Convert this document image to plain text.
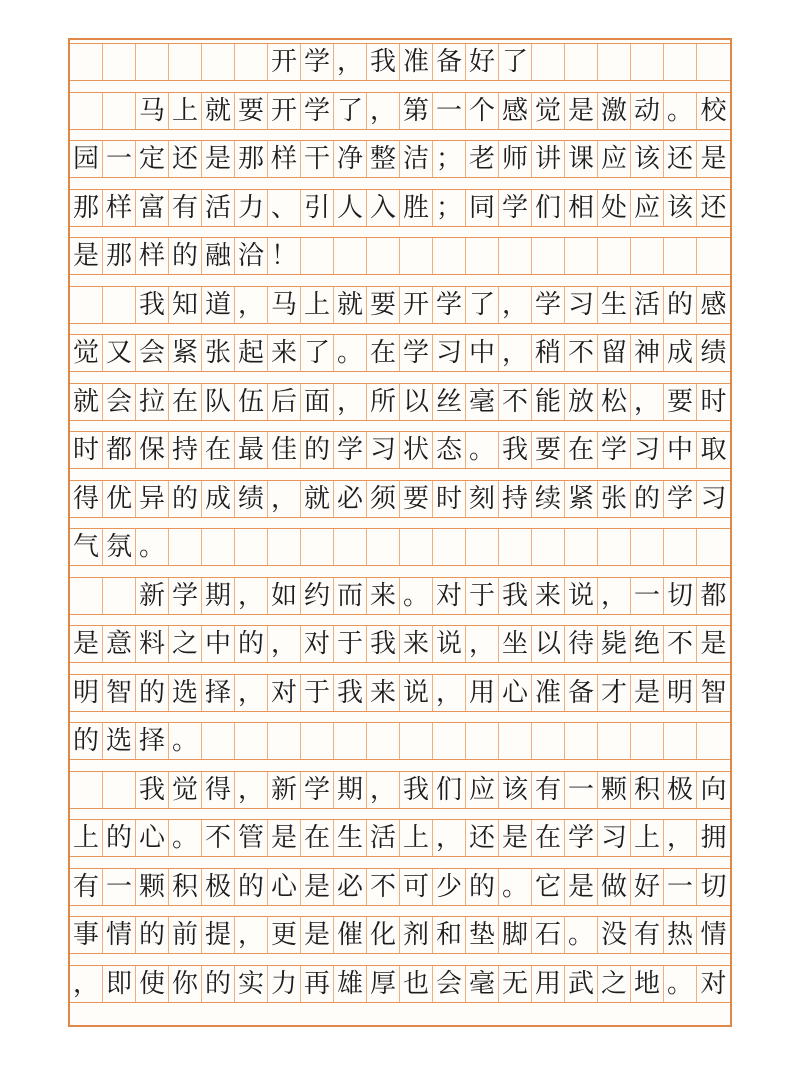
开 学 ， 我 准 备 好 了
马 上 就 要 开 学 了 ， 第 一 个 感 觉 是 激 动 。 校
园 一 定 还 是 那 样 干 净 整 洁 ； 老 师 讲 课 应 该 还 是
那 样 富 有 活 力 、 引 人 入 胜 ； 同 学 们 相 处 应 该 还
是 那 样 的 融 洽 ！
我 知 道 ， 马 上 就 要 开 学 了 ， 学 习 生 活 的 感
觉 又 会 紧 张 起 来 了 。 在 学 习 中 ， 稍 不 留 神 成 绩
就 会 拉 在 队 伍 后 面 ， 所 以 丝 毫 不 能 放 松 ， 要 时
时 都 保 持 在 最 佳 的 学 习 状 态 。 我 要 在 学 习 中 取
得 优 异 的 成 绩 ， 就 必 须 要 时 刻 持 续 紧 张 的 学 习
气 氛 。
新 学 期 ， 如 约 而 来 。 对 于 我 来 说 ， 一 切 都
是 意 料 之 中 的 ， 对 于 我 来 说 ， 坐 以 待 毙 绝 不 是
明 智 的 选 择 ， 对 于 我 来 说 ， 用 心 准 备 才 是 明 智
的 选 择 。
我 觉 得 ， 新 学 期 ， 我 们 应 该 有 一 颗 积 极 向
上 的 心 。 不 管 是 在 生 活 上 ， 还 是 在 学 习 上 ， 拥
有 一 颗 积 极 的 心 是 必 不 可 少 的 。 它 是 做 好 一 切
事 情 的 前 提 ， 更 是 催 化 剂 和 垫 脚 石 。 没 有 热 情
， 即 使 你 的 实 力 再 雄 厚 也 会 毫 无 用 武 之 地 。 对
